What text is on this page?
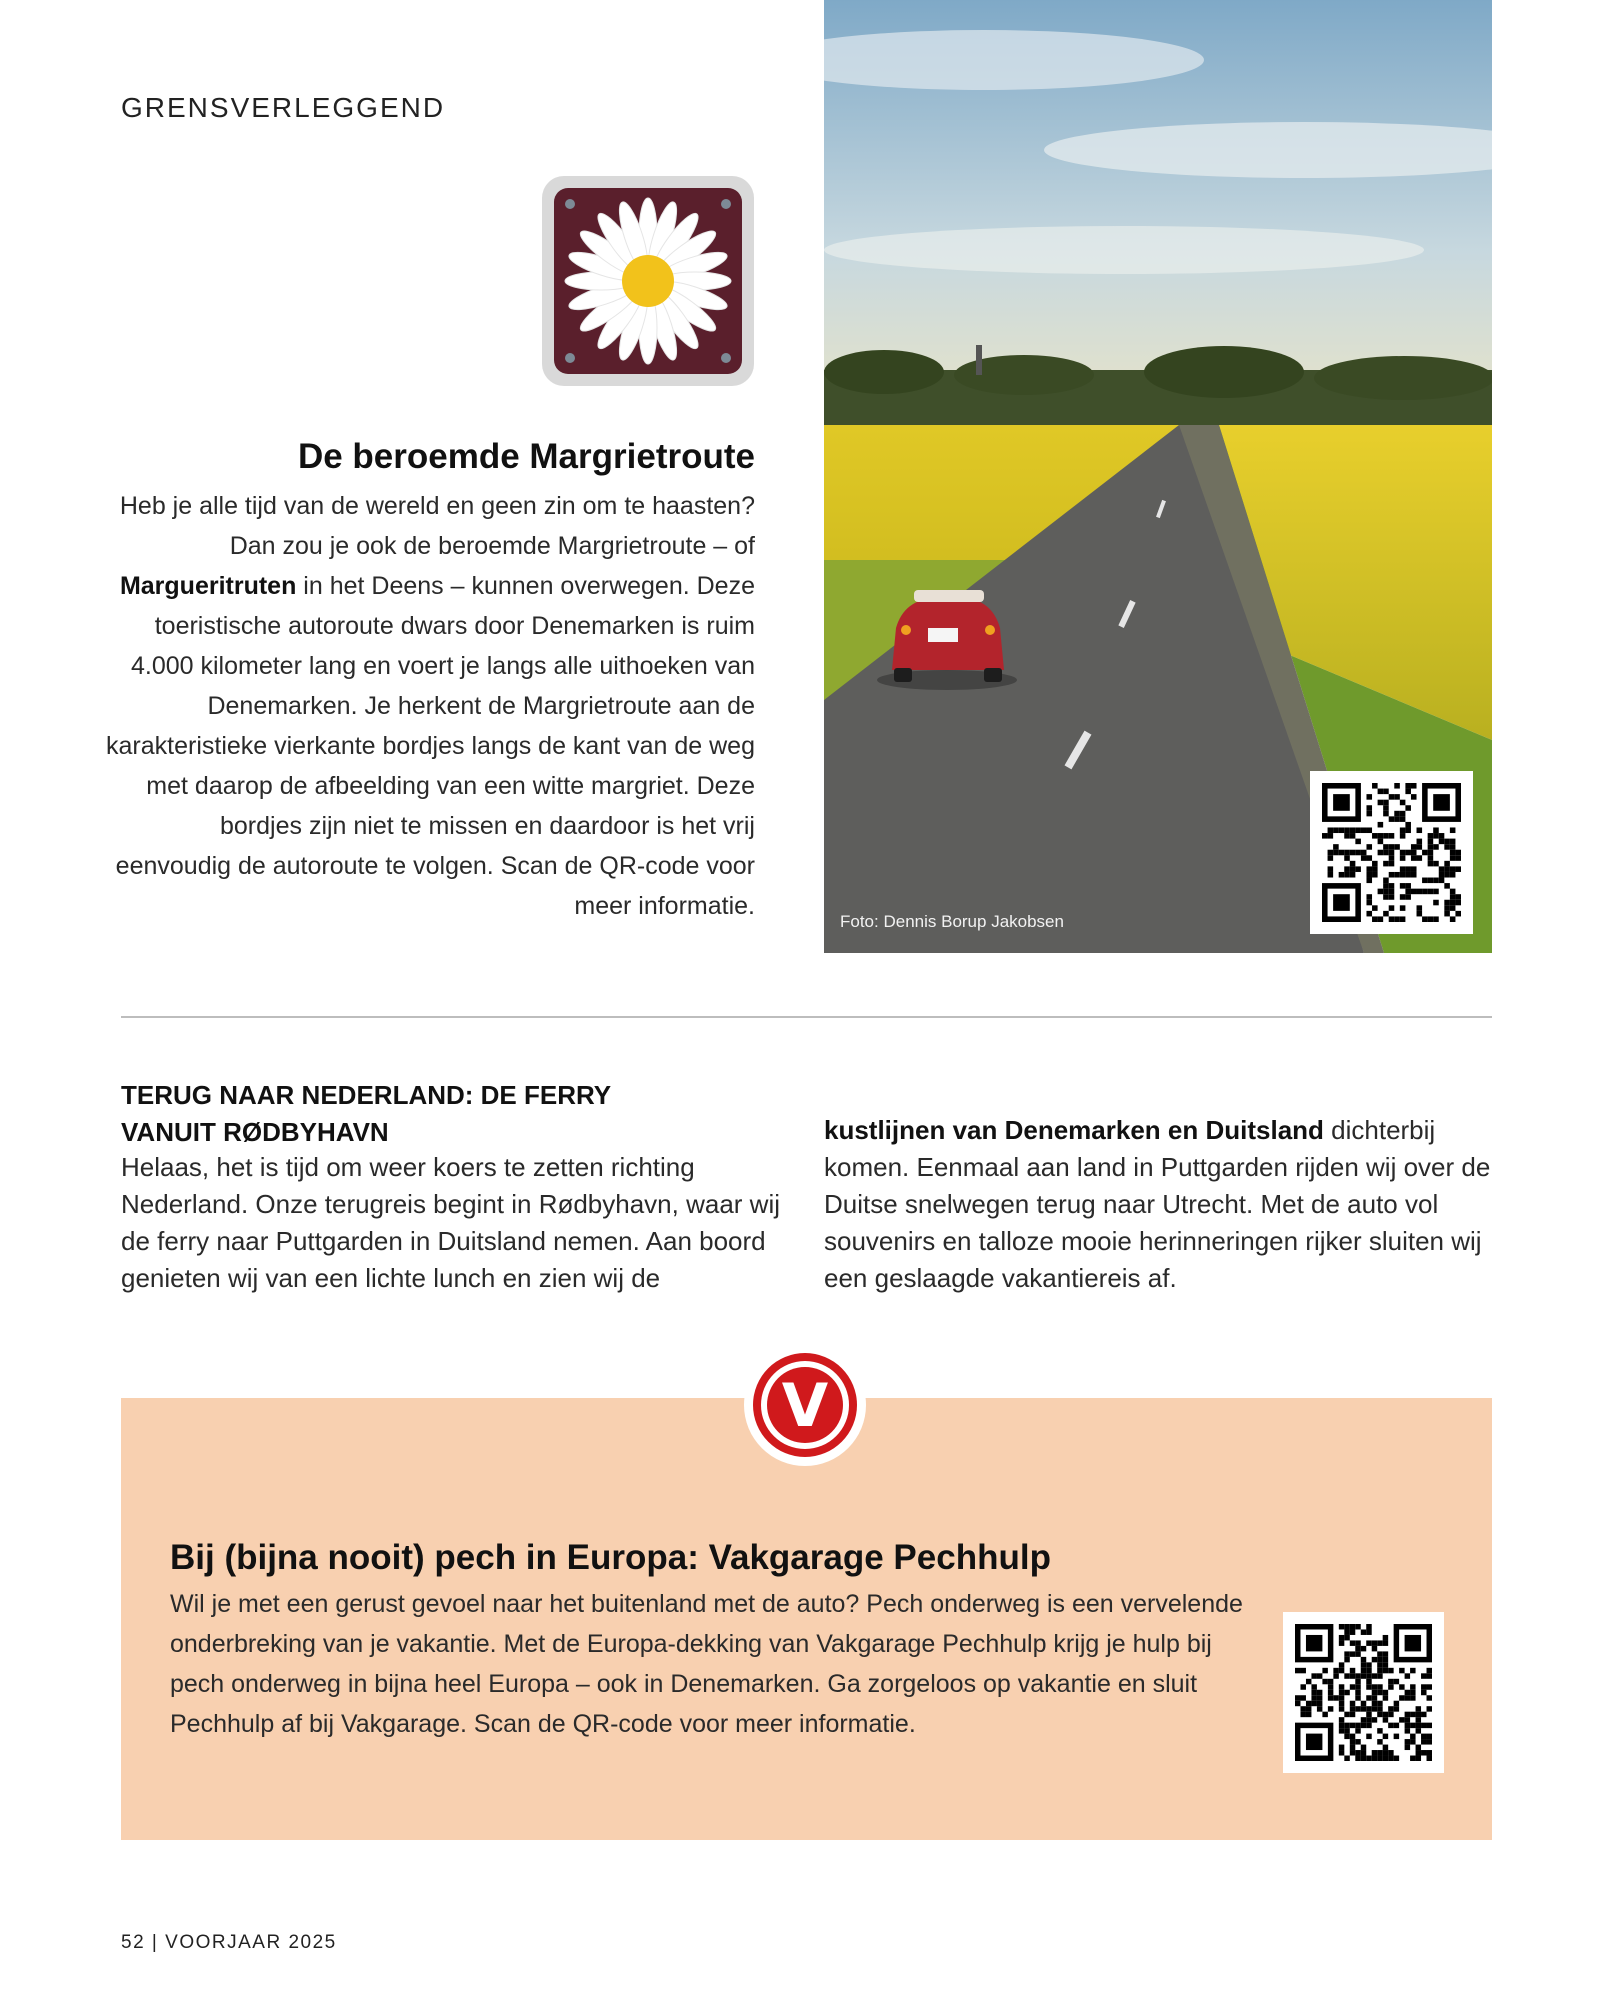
GRENSVERLEGGEND
De beroemde Margrietroute

Heb je alle tijd van de wereld en geen zin om te haasten? Dan zou je ook de beroemde Margrietroute – of Margueritruten in het Deens – kunnen overwegen. Deze toeristische autoroute dwars door Denemarken is ruim 4.000 kilometer lang en voert je langs alle uithoeken van Denemarken. Je herkent de Margrietroute aan de karakteristieke vierkante bordjes langs de kant van de weg met daarop de afbeelding van een witte margriet. Deze bordjes zijn niet te missen en daardoor is het vrij eenvoudig de autoroute te volgen. Scan de QR-code voor meer informatie.

Foto: Dennis Borup Jakobsen
TERUG NAAR NEDERLAND: DE FERRY
VANUIT RØDBYHAVN

Helaas, het is tijd om weer koers te zetten richting Nederland. Onze terugreis begint in Rødbyhavn, waar wij de ferry naar Puttgarden in Duitsland nemen. Aan boord genieten wij van een lichte lunch en zien wij de

kustlijnen van Denemarken en Duitsland dichterbij komen. Eenmaal aan land in Puttgarden rijden wij over de Duitse snelwegen terug naar Utrecht. Met de auto vol souvenirs en talloze mooie herinneringen rijker sluiten wij een geslaagde vakantiereis af.

V
Bij (bijna nooit) pech in Europa: Vakgarage Pechhulp

Wil je met een gerust gevoel naar het buitenland met de auto? Pech onderweg is een vervelende onderbreking van je vakantie. Met de Europa-dekking van Vakgarage Pechhulp krijg je hulp bij pech onderweg in bijna heel Europa – ook in Denemarken. Ga zorgeloos op vakantie en sluit Pechhulp af bij Vakgarage. Scan de QR-code voor meer informatie.

52 | VOORJAAR 2025
